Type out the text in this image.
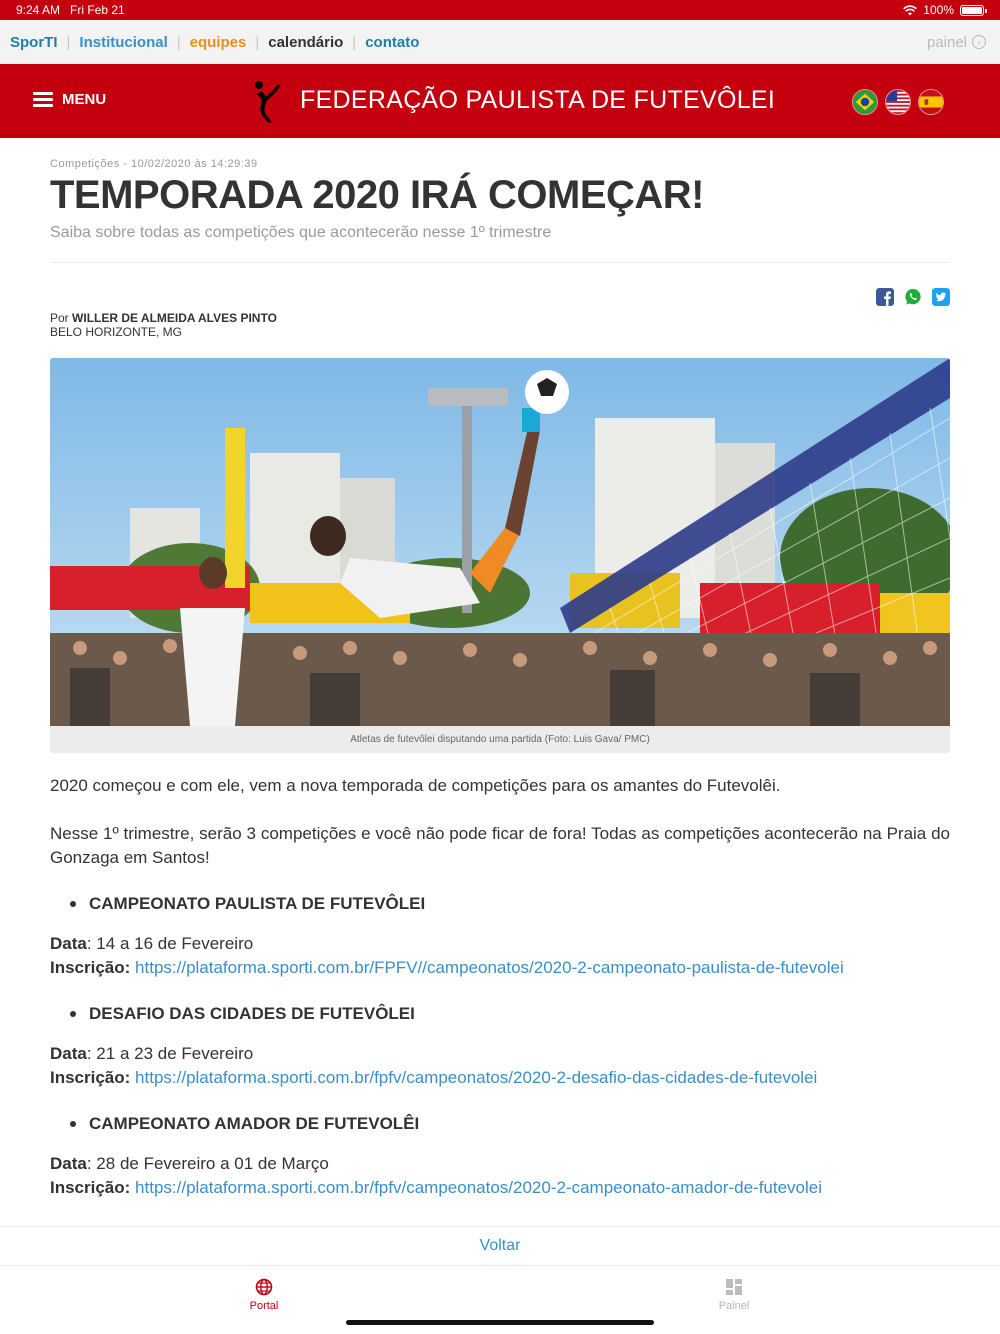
9:24 AM Fri Feb 21	100%
SporTI | Institucional | equipes | calendário | contato	painel	›
MENU	FEDERAÇÃO PAULISTA DE FUTEVÔLEI
Competições - 10/02/2020 às 14:29:39
TEMPORADA 2020 IRÁ COMEÇAR!
Saiba sobre todas as competições que acontecerão nesse 1º trimestre
Por WILLER DE ALMEIDA ALVES PINTO
BELO HORIZONTE, MG
Atletas de futevôlei disputando uma partida (Foto: Luis Gava/ PMC)

2020 começou e com ele, vem a nova temporada de competições para os amantes do Futevolêi.

Nesse 1º trimestre, serão 3 competições e você não pode ficar de fora! Todas as competições acontecerão na Praia do Gonzaga em Santos!

CAMPEONATO PAULISTA DE FUTEVÔLEI
Data: 14 a 16 de Fevereiro
Inscrição: https://plataforma.sporti.com.br/FPFV//campeonatos/2020-2-campeonato-paulista-de-futevolei
DESAFIO DAS CIDADES DE FUTEVÔLEI
Data: 21 a 23 de Fevereiro
Inscrição: https://plataforma.sporti.com.br/fpfv/campeonatos/2020-2-desafio-das-cidades-de-futevolei
CAMPEONATO AMADOR DE FUTEVOLÊI
Data: 28 de Fevereiro a 01 de Março
Inscrição: https://plataforma.sporti.com.br/fpfv/campeonatos/2020-2-campeonato-amador-de-futevolei
Voltar
Portal	Painel
